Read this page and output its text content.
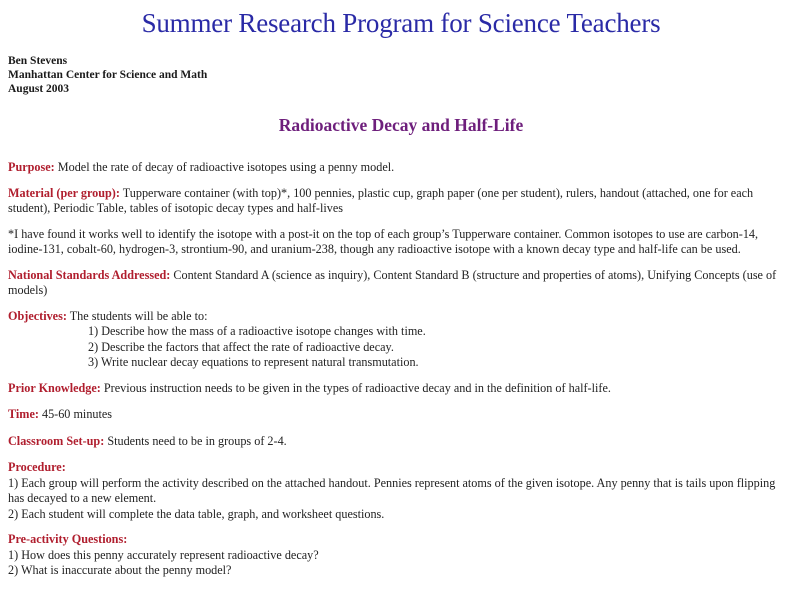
Summer Research Program for Science Teachers
Ben Stevens
Manhattan Center for Science and Math
August 2003
Radioactive Decay and Half-Life

Purpose: Model the rate of decay of radioactive isotopes using a penny model.

Material (per group): Tupperware container (with top)*, 100 pennies, plastic cup, graph paper (one per student), rulers, handout (attached, one for each student), Periodic Table, tables of isotopic decay types and half-lives

*I have found it works well to identify the isotope with a post-it on the top of each group’s Tupperware container. Common isotopes to use are carbon-14, iodine-131, cobalt-60, hydrogen-3, strontium-90, and uranium-238, though any radioactive isotope with a known decay type and half-life can be used.

National Standards Addressed: Content Standard A (science as inquiry), Content Standard B (structure and properties of atoms), Unifying Concepts (use of models)

Objectives: The students will be able to:
1) Describe how the mass of a radioactive isotope changes with time.
2) Describe the factors that affect the rate of radioactive decay.
3) Write nuclear decay equations to represent natural transmutation.

Prior Knowledge: Previous instruction needs to be given in the types of radioactive decay and in the definition of half-life.

Time: 45-60 minutes

Classroom Set-up: Students need to be in groups of 2-4.

Procedure:
1) Each group will perform the activity described on the attached handout. Pennies represent atoms of the given isotope. Any penny that is tails upon flipping has decayed to a new element.
2) Each student will complete the data table, graph, and worksheet questions.
Pre-activity Questions:
1) How does this penny accurately represent radioactive decay?
2) What is inaccurate about the penny model?
